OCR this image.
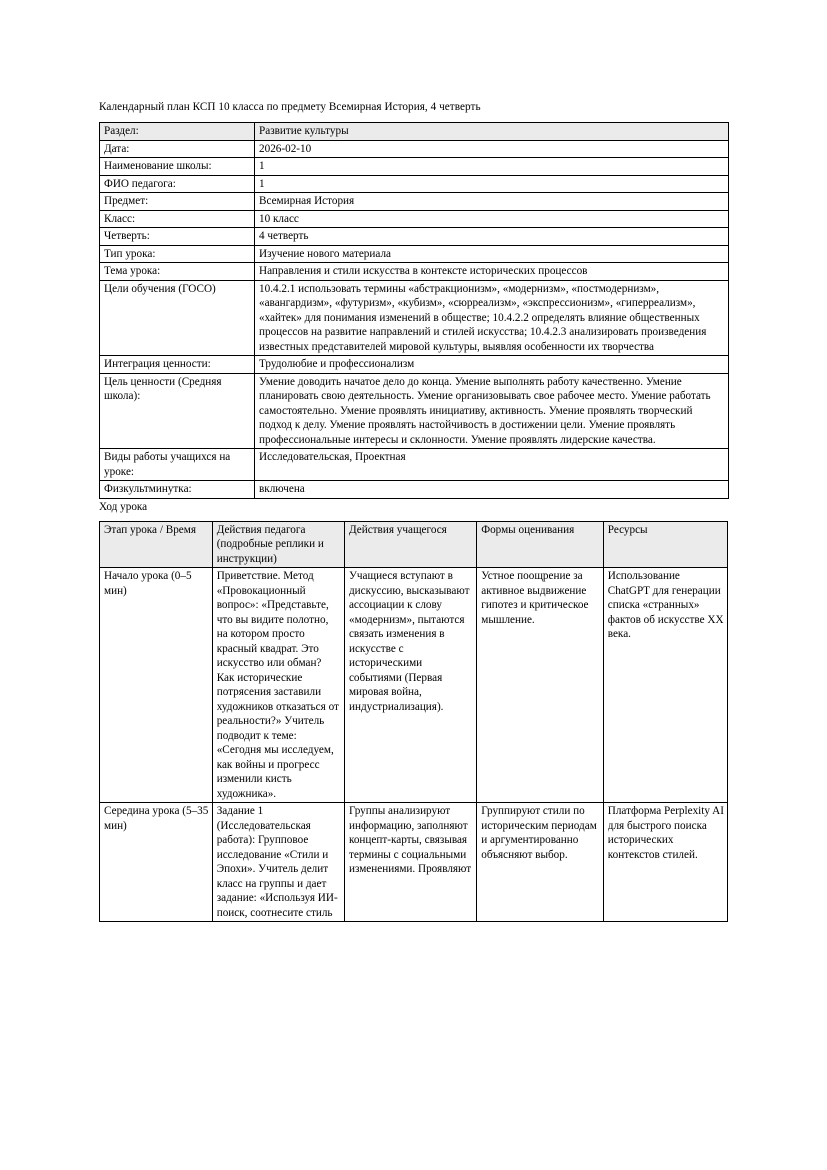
Календарный план КСП 10 класса по предмету Всемирная История, 4 четверть

Раздел:	Развитие культуры
Дата:	2026-02-10
Наименование школы:	1
ФИО педагога:	1
Предмет:	Всемирная История
Класс:	10 класс
Четверть:	4 четверть
Тип урока:	Изучение нового материала
Тема урока:	Направления и стили искусства в контексте исторических процессов
Цели обучения (ГОСО)	10.4.2.1 использовать термины «абстракционизм», «модернизм», «постмодернизм», «авангардизм», «футуризм», «кубизм», «сюрреализм», «экспрессионизм», «гиперреализм», «хайтек» для понимания изменений в обществе; 10.4.2.2 определять влияние общественных процессов на развитие направлений и стилей искусства; 10.4.2.3 анализировать произведения известных представителей мировой культуры, выявляя особенности их творчества
Интеграция ценности:	Трудолюбие и профессионализм
Цель ценности (Средняя школа):	Умение доводить начатое дело до конца. Умение выполнять работу качественно. Умение планировать свою деятельность. Умение организовывать свое рабочее место. Умение работать самостоятельно. Умение проявлять инициативу, активность. Умение проявлять творческий подход к делу. Умение проявлять настойчивость в достижении цели. Умение проявлять профессиональные интересы и склонности. Умение проявлять лидерские качества.
Виды работы учащихся на уроке:	Исследовательская, Проектная
Физкультминутка:	включена

Ход урока

Этап урока / Время	Действия педагога (подробные реплики и инструкции)	Действия учащегося	Формы оценивания	Ресурсы
Начало урока (0–5 мин)	Приветствие. Метод «Провокационный вопрос»: «Представьте, что вы видите полотно, на котором просто красный квадрат. Это искусство или обман? Как исторические потрясения заставили художников отказаться от реальности?» Учитель подводит к теме: «Сегодня мы исследуем, как войны и прогресс изменили кисть художника».	Учащиеся вступают в дискуссию, высказывают ассоциации к слову «модернизм», пытаются связать изменения в искусстве с историческими событиями (Первая мировая война, индустриализация).	Устное поощрение за активное выдвижение гипотез и критическое мышление.	Использование ChatGPT для генерации списка «странных» фактов об искусстве XX века.

Середина урока (5–35 мин)	Задание 1 (Исследовательская работа): Групповое исследование «Стили и Эпохи». Учитель делит класс на группы и дает задание: «Используя ИИ-поиск, соотнесите стиль	Группы анализируют информацию, заполняют концепт-карты, связывая термины с социальными изменениями. Проявляют	Группируют стили по историческим периодам и аргументированно объясняют выбор.	Платформа Perplexity AI для быстрого поиска исторических контекстов стилей.
